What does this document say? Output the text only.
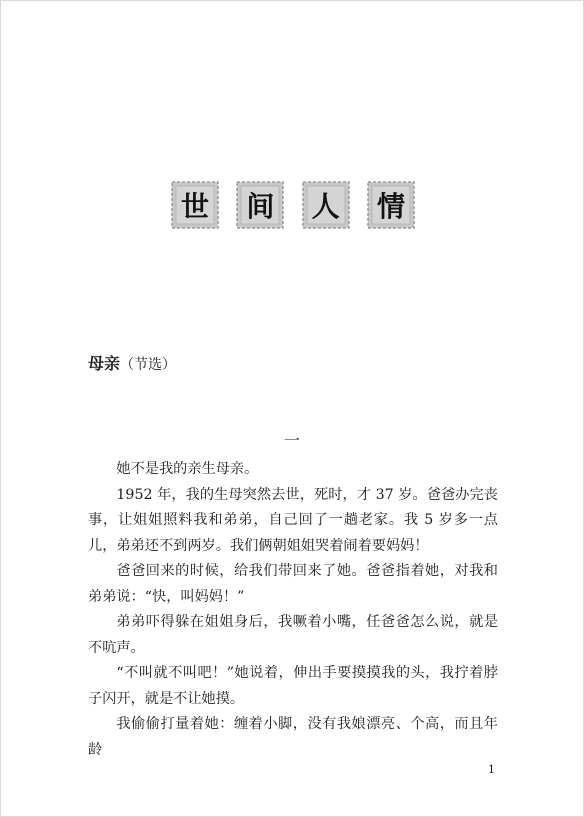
世 间 人 情
母亲（节选）
一

她不是我的亲生母亲。

1952 年，我的生母突然去世，死时，才 37 岁。爸爸办完丧事，让姐姐照料我和弟弟，自己回了一趟老家。我 5 岁多一点儿，弟弟还不到两岁。我们俩朝姐姐哭着闹着要妈妈！

爸爸回来的时候，给我们带回来了她。爸爸指着她，对我和弟弟说：“快，叫妈妈！”

弟弟吓得躲在姐姐身后，我噘着小嘴，任爸爸怎么说，就是不吭声。

“不叫就不叫吧！”她说着，伸出手要摸摸我的头，我拧着脖子闪开，就是不让她摸。

我偷偷打量着她：缠着小脚，没有我娘漂亮、个高，而且年龄

1
